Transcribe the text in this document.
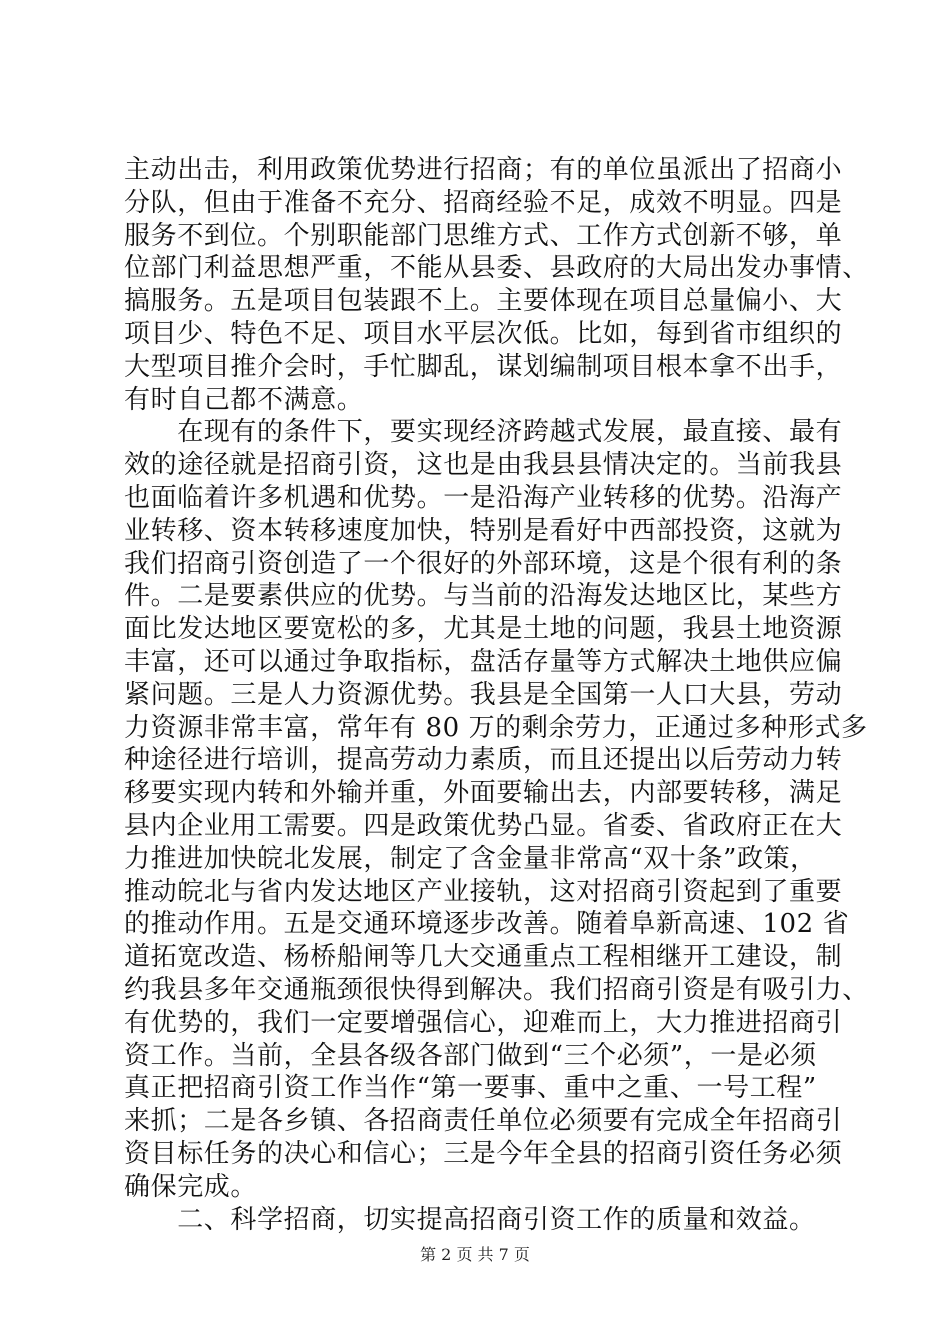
主动出击，利用政策优势进行招商；有的单位虽派出了招商小
分队，但由于准备不充分、招商经验不足，成效不明显。四是
服务不到位。个别职能部门思维方式、工作方式创新不够，单
位部门利益思想严重，不能从县委、县政府的大局出发办事情、
搞服务。五是项目包装跟不上。主要体现在项目总量偏小、大
项目少、特色不足、项目水平层次低。比如，每到省市组织的
大型项目推介会时，手忙脚乱，谋划编制项目根本拿不出手，
有时自己都不满意。
　　在现有的条件下，要实现经济跨越式发展，最直接、最有
效的途径就是招商引资，这也是由我县县情决定的。当前我县
也面临着许多机遇和优势。一是沿海产业转移的优势。沿海产
业转移、资本转移速度加快，特别是看好中西部投资，这就为
我们招商引资创造了一个很好的外部环境，这是个很有利的条
件。二是要素供应的优势。与当前的沿海发达地区比，某些方
面比发达地区要宽松的多，尤其是土地的问题，我县土地资源
丰富，还可以通过争取指标，盘活存量等方式解决土地供应偏
紧问题。三是人力资源优势。我县是全国第一人口大县，劳动
力资源非常丰富，常年有 80 万的剩余劳力，正通过多种形式多
种途径进行培训，提高劳动力素质，而且还提出以后劳动力转
移要实现内转和外输并重，外面要输出去，内部要转移，满足
县内企业用工需要。四是政策优势凸显。省委、省政府正在大
力推进加快皖北发展，制定了含金量非常高“双十条”政策，
推动皖北与省内发达地区产业接轨，这对招商引资起到了重要
的推动作用。五是交通环境逐步改善。随着阜新高速、102 省
道拓宽改造、杨桥船闸等几大交通重点工程相继开工建设，制
约我县多年交通瓶颈很快得到解决。我们招商引资是有吸引力、
有优势的，我们一定要增强信心，迎难而上，大力推进招商引
资工作。当前，全县各级各部门做到“三个必须”，一是必须
真正把招商引资工作当作“第一要事、重中之重、一号工程”
来抓；二是各乡镇、各招商责任单位必须要有完成全年招商引
资目标任务的决心和信心；三是今年全县的招商引资任务必须
确保完成。
　　二、科学招商，切实提高招商引资工作的质量和效益。
第 2 页 共 7 页
